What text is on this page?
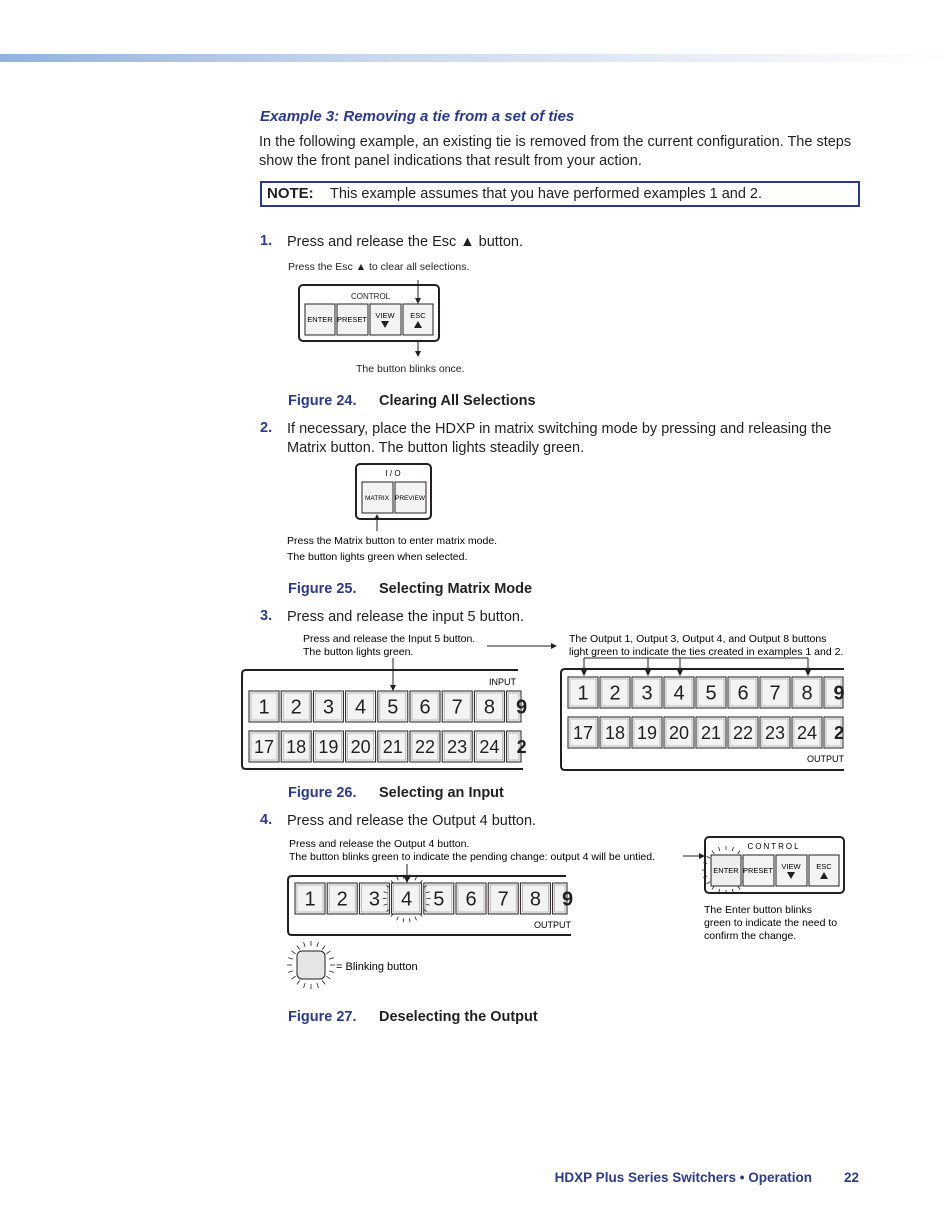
Example 3: Removing a tie from a set of ties
In the following example, an existing tie is removed from the current configuration. The steps show the front panel indications that result from your action.
NOTE: This example assumes that you have performed examples 1 and 2.
1. Press and release the Esc ▲ button.
Press the Esc ▲ to clear all selections.
CONTROL
ENTER PRESET VIEW ESC
The button blinks once.
Figure 24. Clearing All Selections
2. If necessary, place the HDXP in matrix switching mode by pressing and releasing the Matrix button. The button lights steadily green.
I / O
MATRIX PREVIEW
Press the Matrix button to enter matrix mode.
The button lights green when selected.
Figure 25. Selecting Matrix Mode
3. Press and release the input 5 button.
Press and release the Input 5 button.
The button lights green.
The Output 1, Output 3, Output 4, and Output 8 buttons
light green to indicate the ties created in examples 1 and 2.
INPUT
1 2 3 4 5 6 7 8 9
17 18 19 20 21 22 23 24 2
OUTPUT
1 2 3 4 5 6 7 8 9
17 18 19 20 21 22 23 24 2
Figure 26. Selecting an Input
4. Press and release the Output 4 button.
Press and release the Output 4 button.
The button blinks green to indicate the pending change: output 4 will be untied.
OUTPUT
1 2 3 4 5 6 7 8 9
= Blinking button
CONTROL
ENTER PRESET VIEW ESC
The Enter button blinks
green to indicate the need to
confirm the change.
Figure 27. Deselecting the Output
HDXP Plus Series Switchers • Operation 22
